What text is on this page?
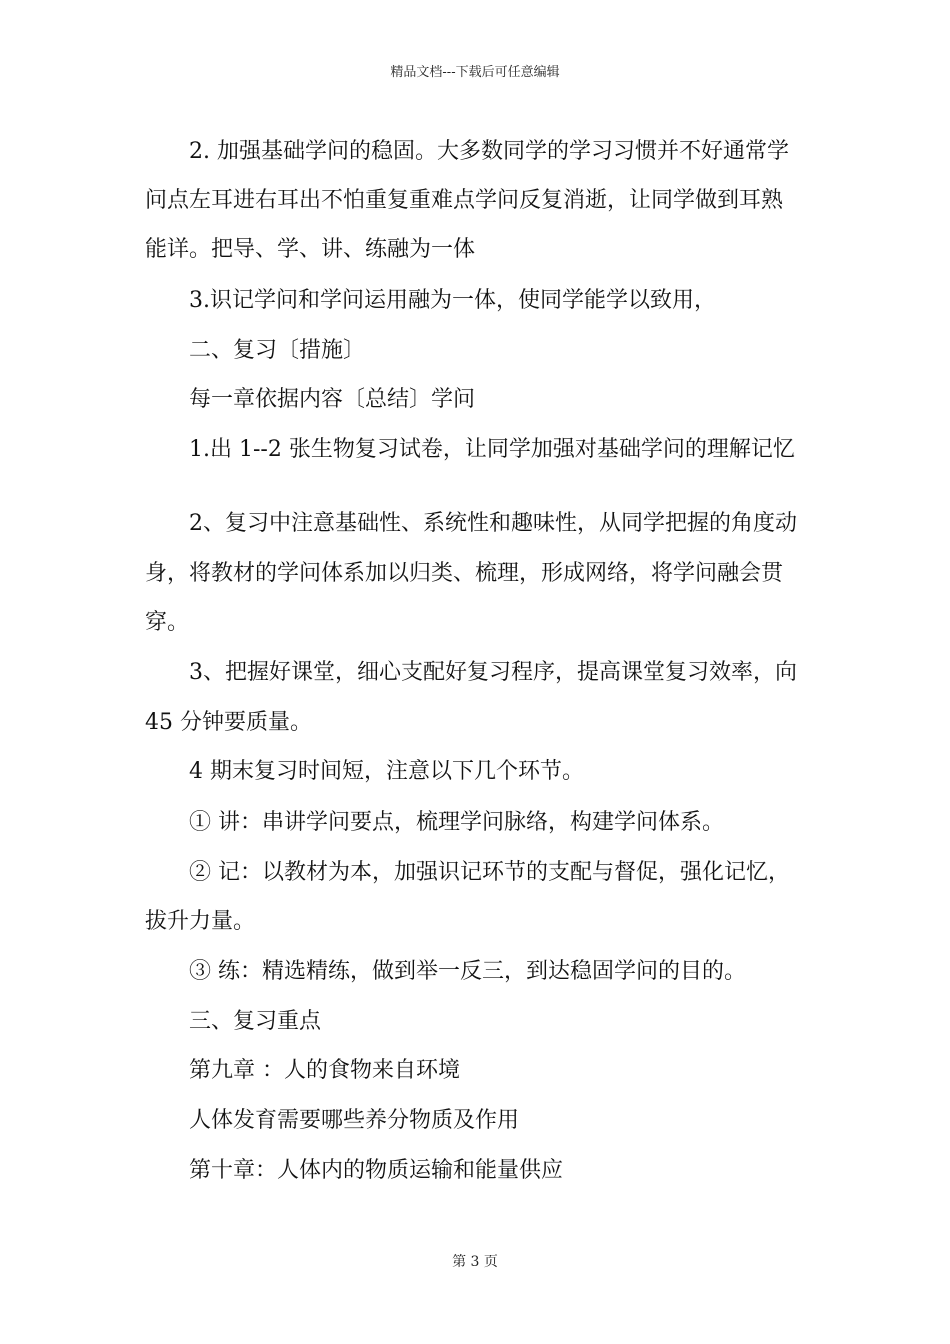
精品文档---下载后可任意编辑
2. 加强基础学问的稳固。大多数同学的学习习惯并不好通常学
问点左耳进右耳出不怕重复重难点学问反复消逝，让同学做到耳熟
能详。把导、学、讲、练融为一体
3.识记学问和学问运用融为一体，使同学能学以致用，
二、复习〔措施〕
每一章依据内容〔总结〕学问
1.出 1--2 张生物复习试卷，让同学加强对基础学问的理解记忆
2、复习中注意基础性、系统性和趣味性，从同学把握的角度动
身，将教材的学问体系加以归类、梳理，形成网络，将学问融会贯
穿。
3、把握好课堂，细心支配好复习程序，提高课堂复习效率，向
45 分钟要质量。
4 期末复习时间短，注意以下几个环节。
① 讲：串讲学问要点，梳理学问脉络，构建学问体系。
② 记：以教材为本，加强识记环节的支配与督促，强化记忆，
拔升力量。
③ 练：精选精练，做到举一反三，到达稳固学问的目的。
三、复习重点
第九章 ：人的食物来自环境
人体发育需要哪些养分物质及作用
第十章：人体内的物质运输和能量供应
第 3 页
